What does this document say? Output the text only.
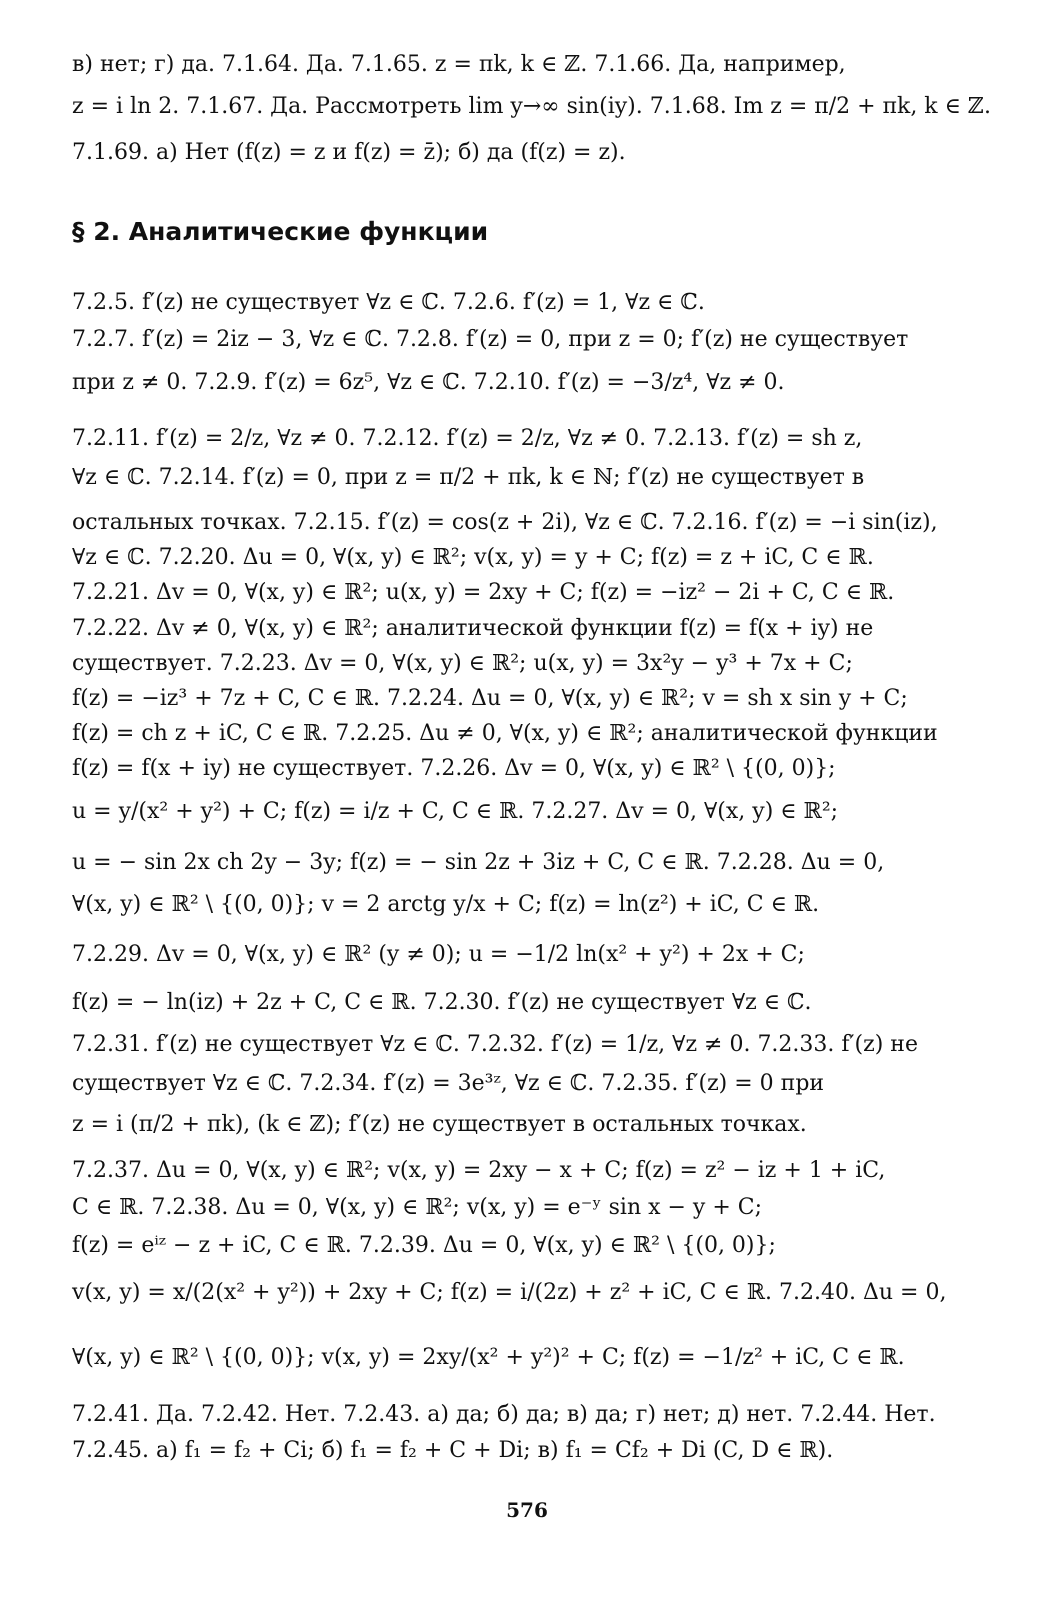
в) нет; г) да. 7.1.64. Да. 7.1.65. z = πk, k ∈ ℤ. 7.1.66. Да, например,
z = i ln 2. 7.1.67. Да. Рассмотреть lim y→∞ sin(iy). 7.1.68. Im z = π/2 + πk, k ∈ ℤ.
7.1.69. а) Нет (f(z) = z и f(z) = z̄); б) да (f(z) = z).
§ 2. Аналитические функции
7.2.5. f′(z) не существует ∀z ∈ ℂ. 7.2.6. f′(z) = 1, ∀z ∈ ℂ.
7.2.7. f′(z) = 2iz − 3, ∀z ∈ ℂ. 7.2.8. f′(z) = 0, при z = 0; f′(z) не существует
при z ≠ 0. 7.2.9. f′(z) = 6z⁵, ∀z ∈ ℂ. 7.2.10. f′(z) = −3/z⁴, ∀z ≠ 0.
7.2.11. f′(z) = 2/z, ∀z ≠ 0. 7.2.12. f′(z) = 2/z, ∀z ≠ 0. 7.2.13. f′(z) = sh z,
∀z ∈ ℂ. 7.2.14. f′(z) = 0, при z = π/2 + πk, k ∈ ℕ; f′(z) не существует в
остальных точках. 7.2.15. f′(z) = cos(z + 2i), ∀z ∈ ℂ. 7.2.16. f′(z) = −i sin(iz),
∀z ∈ ℂ. 7.2.20. Δu = 0, ∀(x, y) ∈ ℝ²; v(x, y) = y + C; f(z) = z + iC, C ∈ ℝ.
7.2.21. Δv = 0, ∀(x, y) ∈ ℝ²; u(x, y) = 2xy + C; f(z) = −iz² − 2i + C, C ∈ ℝ.
7.2.22. Δv ≠ 0, ∀(x, y) ∈ ℝ²; аналитической функции f(z) = f(x + iy) не
существует. 7.2.23. Δv = 0, ∀(x, y) ∈ ℝ²; u(x, y) = 3x²y − y³ + 7x + C;
f(z) = −iz³ + 7z + C, C ∈ ℝ. 7.2.24. Δu = 0, ∀(x, y) ∈ ℝ²; v = sh x sin y + C;
f(z) = ch z + iC, C ∈ ℝ. 7.2.25. Δu ≠ 0, ∀(x, y) ∈ ℝ²; аналитической функции
f(z) = f(x + iy) не существует. 7.2.26. Δv = 0, ∀(x, y) ∈ ℝ² \ {(0, 0)};
u = y/(x² + y²) + C; f(z) = i/z + C, C ∈ ℝ. 7.2.27. Δv = 0, ∀(x, y) ∈ ℝ²;
u = − sin 2x ch 2y − 3y; f(z) = − sin 2z + 3iz + C, C ∈ ℝ. 7.2.28. Δu = 0,
∀(x, y) ∈ ℝ² \ {(0, 0)}; v = 2 arctg y/x + C; f(z) = ln(z²) + iC, C ∈ ℝ.
7.2.29. Δv = 0, ∀(x, y) ∈ ℝ² (y ≠ 0); u = −1/2 ln(x² + y²) + 2x + C;
f(z) = − ln(iz) + 2z + C, C ∈ ℝ. 7.2.30. f′(z) не существует ∀z ∈ ℂ.
7.2.31. f′(z) не существует ∀z ∈ ℂ. 7.2.32. f′(z) = 1/z, ∀z ≠ 0. 7.2.33. f′(z) не
существует ∀z ∈ ℂ. 7.2.34. f′(z) = 3e³ᶻ, ∀z ∈ ℂ. 7.2.35. f′(z) = 0 при
z = i (π/2 + πk), (k ∈ ℤ); f′(z) не существует в остальных точках.
7.2.37. Δu = 0, ∀(x, y) ∈ ℝ²; v(x, y) = 2xy − x + C; f(z) = z² − iz + 1 + iC,
C ∈ ℝ. 7.2.38. Δu = 0, ∀(x, y) ∈ ℝ²; v(x, y) = e⁻ʸ sin x − y + C;
f(z) = eⁱᶻ − z + iC, C ∈ ℝ. 7.2.39. Δu = 0, ∀(x, y) ∈ ℝ² \ {(0, 0)};
v(x, y) = x/(2(x² + y²)) + 2xy + C; f(z) = i/(2z) + z² + iC, C ∈ ℝ. 7.2.40. Δu = 0,
∀(x, y) ∈ ℝ² \ {(0, 0)}; v(x, y) = 2xy/(x² + y²)² + C; f(z) = −1/z² + iC, C ∈ ℝ.
7.2.41. Да. 7.2.42. Нет. 7.2.43. а) да; б) да; в) да; г) нет; д) нет. 7.2.44. Нет.
7.2.45. а) f₁ = f₂ + Ci; б) f₁ = f₂ + C + Di; в) f₁ = Cf₂ + Di (C, D ∈ ℝ).
576
